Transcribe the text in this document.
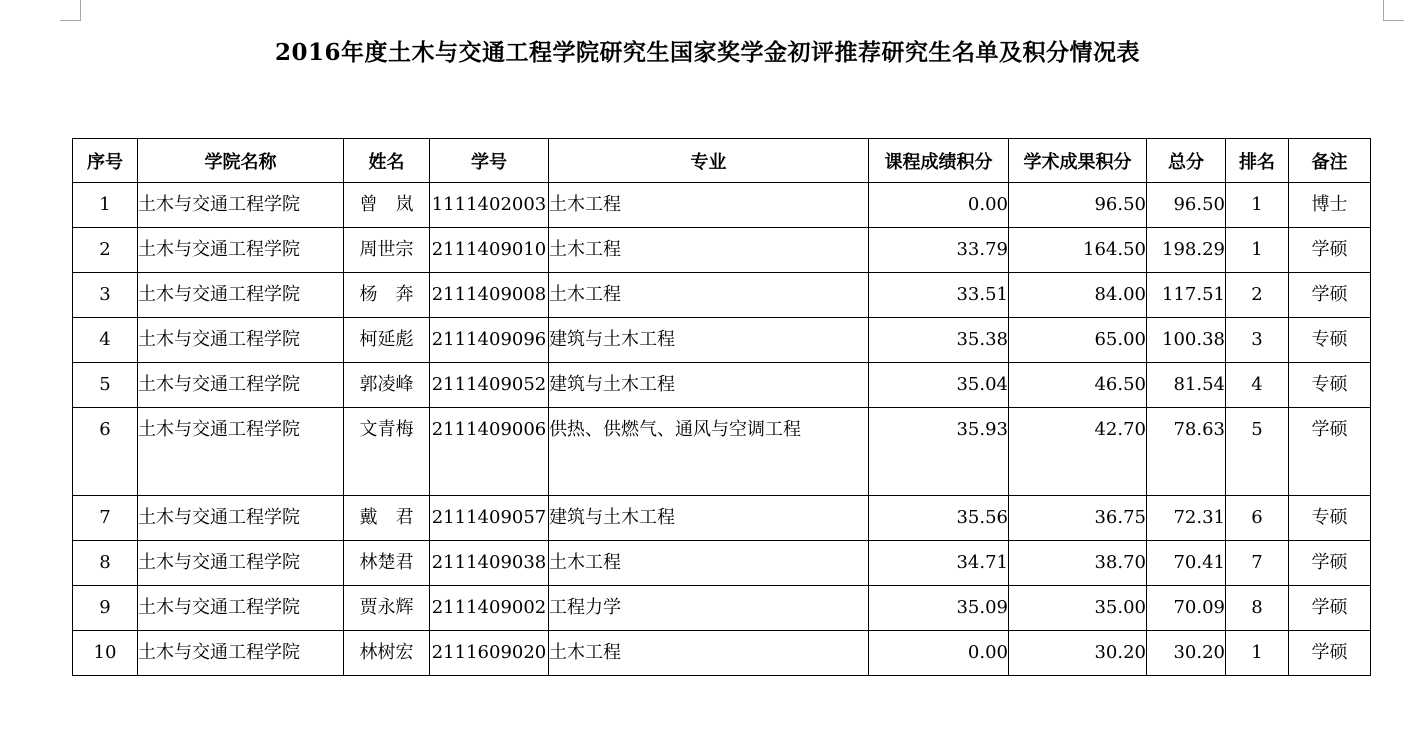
2016年度土木与交通工程学院研究生国家奖学金初评推荐研究生名单及积分情况表
序号	学院名称	姓名	学号	专业	课程成绩积分	学术成果积分	总分	排名	备注
1	土木与交通工程学院	曾　岚	1111402003	土木工程	0.00	96.50	96.50	1	博士
2	土木与交通工程学院	周世宗	2111409010	土木工程	33.79	164.50	198.29	1	学硕
3	土木与交通工程学院	杨　奔	2111409008	土木工程	33.51	84.00	117.51	2	学硕
4	土木与交通工程学院	柯延彪	2111409096	建筑与土木工程	35.38	65.00	100.38	3	专硕
5	土木与交通工程学院	郭凌峰	2111409052	建筑与土木工程	35.04	46.50	81.54	4	专硕
6	土木与交通工程学院	文青梅	2111409006	供热、供燃气、通风与空调工程	35.93	42.70	78.63	5	学硕
7	土木与交通工程学院	戴　君	2111409057	建筑与土木工程	35.56	36.75	72.31	6	专硕
8	土木与交通工程学院	林楚君	2111409038	土木工程	34.71	38.70	70.41	7	学硕
9	土木与交通工程学院	贾永辉	2111409002	工程力学	35.09	35.00	70.09	8	学硕
10	土木与交通工程学院	林树宏	2111609020	土木工程	0.00	30.20	30.20	1	学硕
